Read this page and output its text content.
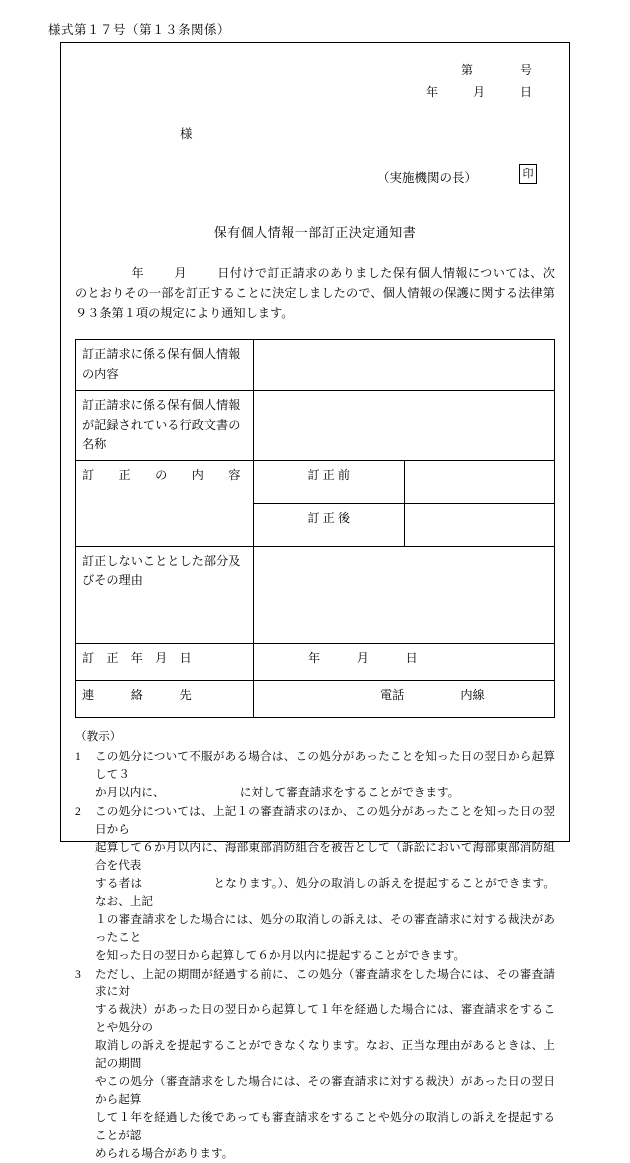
様式第１７号（第１３条関係）
第	号
年	月	日
様
（実施機関の長）	印
保有個人情報一部訂正決定通知書
年 月 日付けで訂正請求のありました保有個人情報については、次のとおりその一部を訂正することに決定しましたので、個人情報の保護に関する法律第９３条第１項の規定により通知します。
訂正請求に係る保有個人情報の内容		
訂正請求に係る保有個人情報が記録されている行政文書の名称		
訂　　正　　の　　内　　容	訂 正 前	
	訂 正 後	
訂正しないこととした部分及びその理由		
訂　正　年　月　日	年　　　月　　　日	
連　　　絡　　　先	電話 内線	
（教示）
1	この処分について不服がある場合は、この処分があったことを知った日の翌日から起算して３
か月以内に、　　　　　　　に対して審査請求をすることができます。
2	この処分については、上記１の審査請求のほか、この処分があったことを知った日の翌日から
起算して６か月以内に、海部東部消防組合を被告として（訴訟において海部東部消防組合を代表
する者は　　　　　　となります。）、処分の取消しの訴えを提起することができます。なお、上記
１の審査請求をした場合には、処分の取消しの訴えは、その審査請求に対する裁決があったこと
を知った日の翌日から起算して６か月以内に提起することができます。
3	ただし、上記の期間が経過する前に、この処分（審査請求をした場合には、その審査請求に対
する裁決）があった日の翌日から起算して１年を経過した場合には、審査請求をすることや処分の
取消しの訴えを提起することができなくなります。なお、正当な理由があるときは、上記の期間
やこの処分（審査請求をした場合には、その審査請求に対する裁決）があった日の翌日から起算
して１年を経過した後であっても審査請求をすることや処分の取消しの訴えを提起することが認
められる場合があります。
